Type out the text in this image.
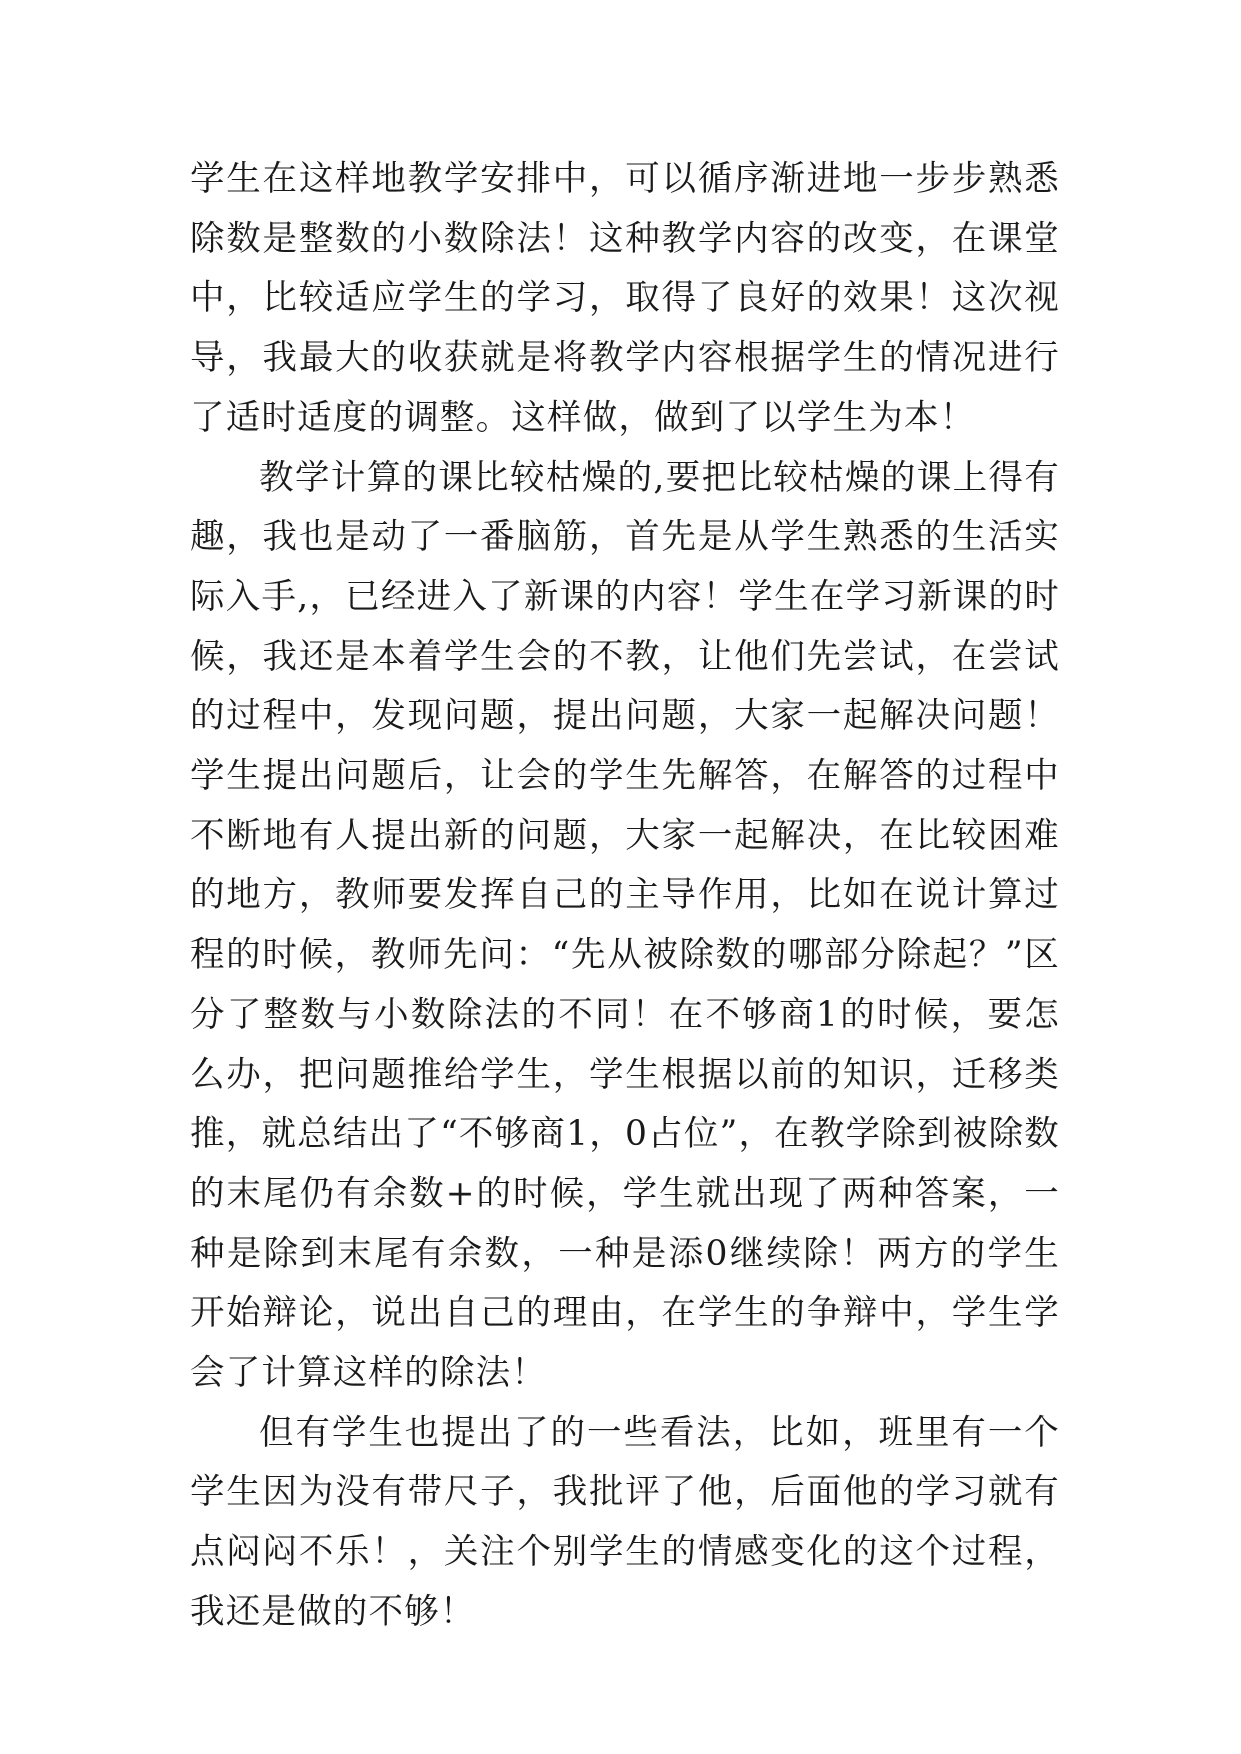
学生在这样地教学安排中，可以循序渐进地一步步熟悉除数是整数的小数除法！这种教学内容的改变，在课堂中，比较适应学生的学习，取得了良好的效果！这次视导，我最大的收获就是将教学内容根据学生的情况进行了适时适度的调整。这样做，做到了以学生为本！

教学计算的课比较枯燥的,要把比较枯燥的课上得有趣，我也是动了一番脑筋，首先是从学生熟悉的生活实际入手,，已经进入了新课的内容！学生在学习新课的时候，我还是本着学生会的不教，让他们先尝试，在尝试的过程中，发现问题，提出问题，大家一起解决问题！学生提出问题后，让会的学生先解答，在解答的过程中不断地有人提出新的问题，大家一起解决，在比较困难的地方，教师要发挥自己的主导作用，比如在说计算过程的时候，教师先问：“先从被除数的哪部分除起？”区分了整数与小数除法的不同！在不够商1的时候，要怎么办，把问题推给学生，学生根据以前的知识，迁移类推，就总结出了“不够商1，0占位”，在教学除到被除数的末尾仍有余数+的时候，学生就出现了两种答案，一种是除到末尾有余数，一种是添0继续除！两方的学生开始辩论，说出自己的理由，在学生的争辩中，学生学会了计算这样的除法！

但有学生也提出了的一些看法，比如，班里有一个学生因为没有带尺子，我批评了他，后面他的学习就有点闷闷不乐！，关注个别学生的情感变化的这个过程，我还是做的不够！
